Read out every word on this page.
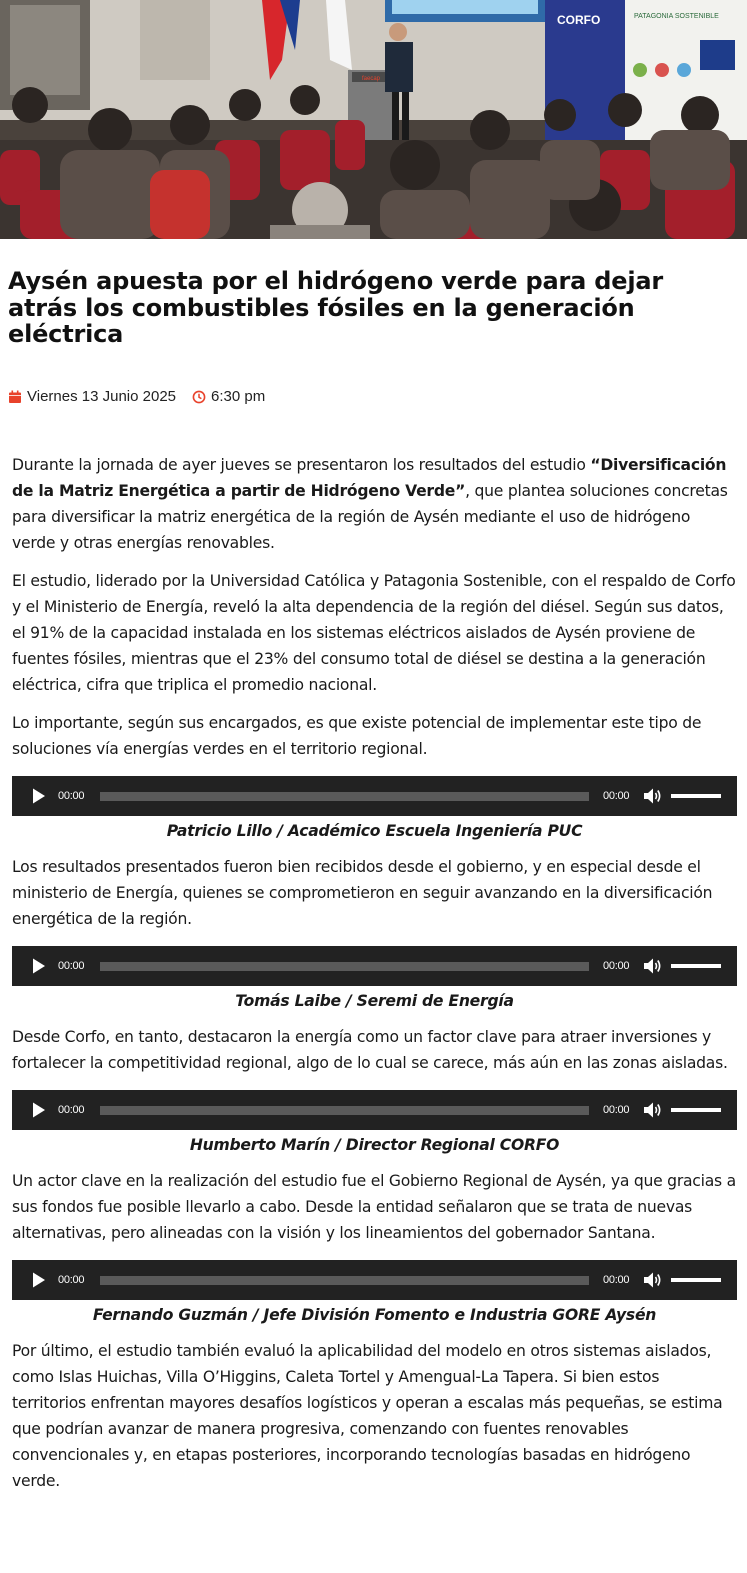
CORFO	PATAGONIA SOSTENIBLE
faecap
Aysén apuesta por el hidrógeno verde para dejar atrás los combustibles fósiles en la generación eléctrica
Viernes 13 Junio 2025 6:30 pm

Durante la jornada de ayer jueves se presentaron los resultados del estudio “Diversificación de la Matriz Energética a partir de Hidrógeno Verde”, que plantea soluciones concretas para diversificar la matriz energética de la región de Aysén mediante el uso de hidrógeno verde y otras energías renovables.

El estudio, liderado por la Universidad Católica y Patagonia Sostenible, con el respaldo de Corfo y el Ministerio de Energía, reveló la alta dependencia de la región del diésel. Según sus datos, el 91% de la capacidad instalada en los sistemas eléctricos aislados de Aysén proviene de fuentes fósiles, mientras que el 23% del consumo total de diésel se destina a la generación eléctrica, cifra que triplica el promedio nacional.

Lo importante, según sus encargados, es que existe potencial de implementar este tipo de soluciones vía energías verdes en el territorio regional.

00:00	00:00
Patricio Lillo / Académico Escuela Ingeniería PUC

Los resultados presentados fueron bien recibidos desde el gobierno, y en especial desde el ministerio de Energía, quienes se comprometieron en seguir avanzando en la diversificación energética de la región.

00:00	00:00
Tomás Laibe / Seremi de Energía

Desde Corfo, en tanto, destacaron la energía como un factor clave para atraer inversiones y fortalecer la competitividad regional, algo de lo cual se carece, más aún en las zonas aisladas.

00:00	00:00
Humberto Marín / Director Regional CORFO

Un actor clave en la realización del estudio fue el Gobierno Regional de Aysén, ya que gracias a sus fondos fue posible llevarlo a cabo. Desde la entidad señalaron que se trata de nuevas alternativas, pero alineadas con la visión y los lineamientos del gobernador Santana.

00:00	00:00
Fernando Guzmán / Jefe División Fomento e Industria GORE Aysén

Por último, el estudio también evaluó la aplicabilidad del modelo en otros sistemas aislados, como Islas Huichas, Villa O’Higgins, Caleta Tortel y Amengual-La Tapera. Si bien estos territorios enfrentan mayores desafíos logísticos y operan a escalas más pequeñas, se estima que podrían avanzar de manera progresiva, comenzando con fuentes renovables convencionales y, en etapas posteriores, incorporando tecnologías basadas en hidrógeno verde.
